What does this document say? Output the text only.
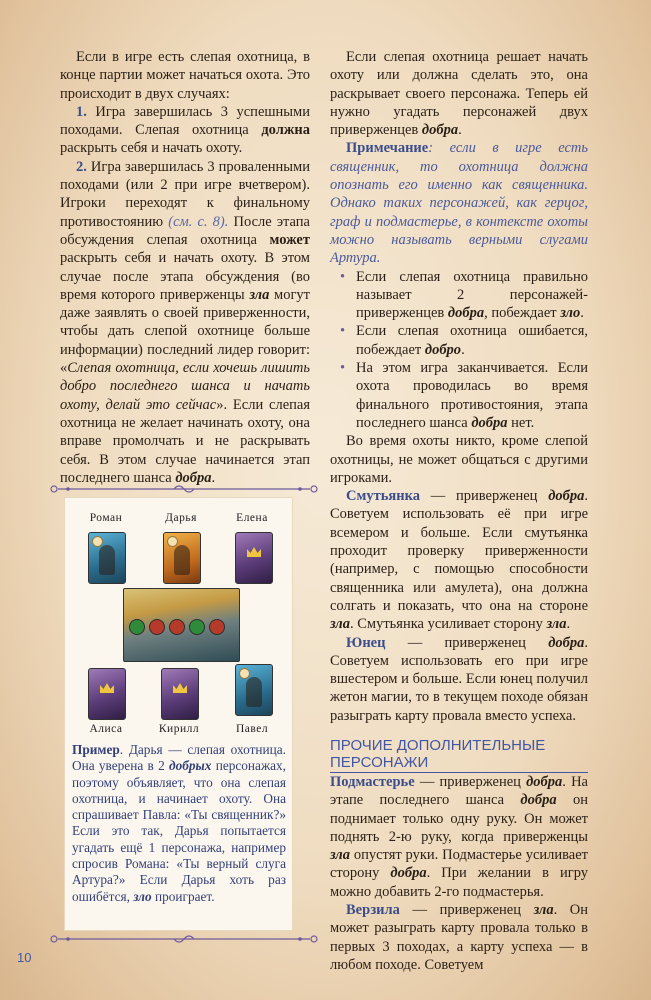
Если в игре есть слепая охотница, в конце партии может начаться охота. Это происходит в двух случаях:

1. Игра завершилась 3 успешными походами. Слепая охотница должна раскрыть себя и начать охоту.

2. Игра завершилась 3 проваленными походами (или 2 при игре вчетвером). Игроки переходят к финальному противостоянию (см. с. 8). После этапа обсуждения слепая охотница может раскрыть себя и начать охоту. В этом случае после этапа обсуждения (во время которого приверженцы зла могут даже заявлять о своей приверженности, чтобы дать слепой охотнице больше информации) последний лидер говорит: «Слепая охотница, если хочешь лишить добро последнего шанса и начать охоту, делай это сейчас». Если слепая охотница не желает начинать охоту, она вправе промолчать и не раскрывать себя. В этом случае начинается этап последнего шанса добра.

Роман	Дарья	Елена
Алиса	Кирилл	Павел

Пример. Дарья — слепая охотница. Она уверена в 2 добрых персонажах, поэтому объявляет, что она слепая охотница, и начинает охоту. Она спрашивает Павла: «Ты священник?» Если это так, Дарья попытается угадать ещё 1 персонажа, например спросив Романа: «Ты верный слуга Артура?» Если Дарья хоть раз ошибётся, зло проиграет.

Если слепая охотница решает начать охоту или должна сделать это, она раскрывает своего персонажа. Теперь ей нужно угадать персонажей двух приверженцев добра.

Примечание: если в игре есть священник, то охотница должна опознать его именно как священника. Однако таких персонажей, как герцог, граф и подмастерье, в контексте охоты можно называть верными слугами Артура.

• Если слепая охотница правильно называет 2 персонажей-приверженцев добра, побеждает зло.
• Если слепая охотница ошибается, побеждает добро.
• На этом игра заканчивается. Если охота проводилась во время финального противостояния, этапа последнего шанса добра нет.

Во время охоты никто, кроме слепой охотницы, не может общаться с другими игроками.

Смутьянка — приверженец добра. Советуем использовать её при игре всемером и больше. Если смутьянка проходит проверку приверженности (например, с помощью способности священника или амулета), она должна солгать и показать, что она на стороне зла. Смутьянка усиливает сторону зла.

Юнец — приверженец добра. Советуем использовать его при игре вшестером и больше. Если юнец получил жетон магии, то в текущем походе обязан разыграть карту провала вместо успеха.

ПРОЧИЕ ДОПОЛНИТЕЛЬНЫЕ
ПЕРСОНАЖИ

Подмастерье — приверженец добра. На этапе последнего шанса добра он поднимает только одну руку. Он может поднять 2-ю руку, когда приверженцы зла опустят руки. Подмастерье усиливает сторону добра. При желании в игру можно добавить 2-го подмастерья.

Верзила — приверженец зла. Он может разыграть карту провала только в первых 3 походах, а карту успеха — в любом походе. Советуем

10
